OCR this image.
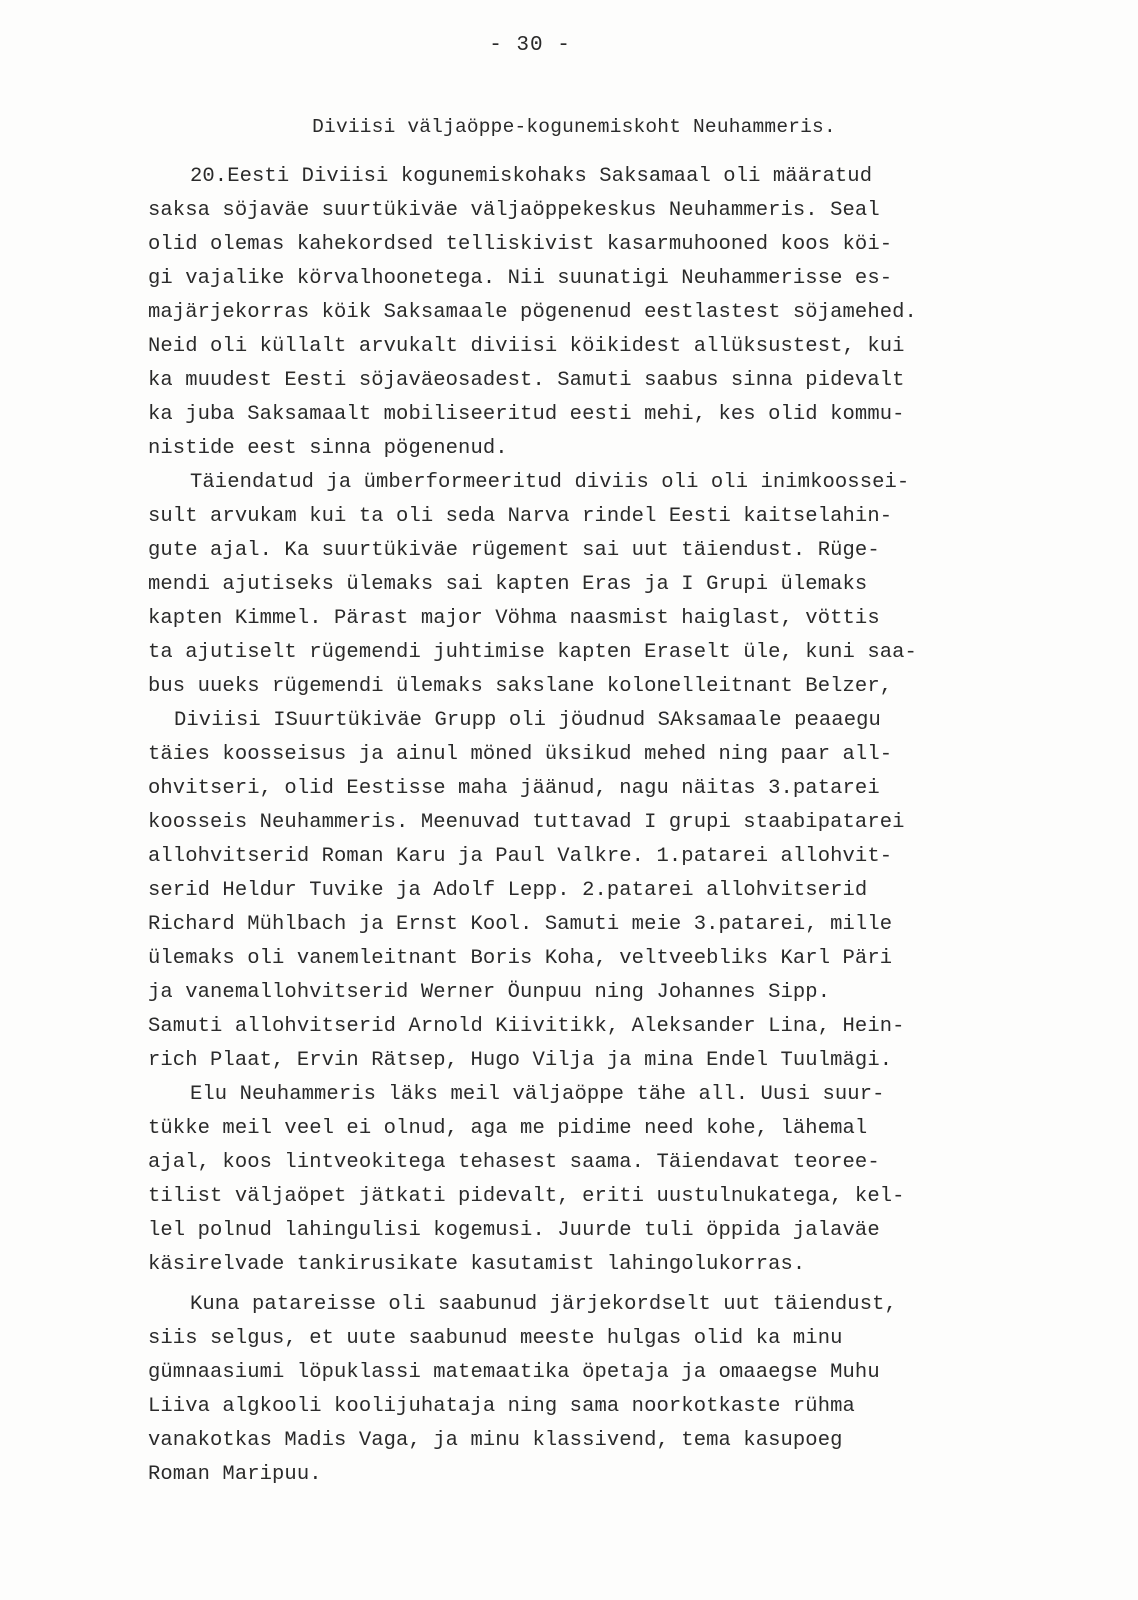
- 30 -
Diviisi väljaöppe-kogunemiskoht Neuhammeris.
20.Eesti Diviisi kogunemiskohaks Saksamaal oli määratud
saksa söjaväe suurtükiväe väljaöppekeskus Neuhammeris. Seal
olid olemas kahekordsed telliskivist kasarmuhooned koos köi-
gi vajalike körvalhoonetega. Nii suunatigi Neuhammerisse es-
majärjekorras köik Saksamaale pögenenud eestlastest söjamehed.
Neid oli küllalt arvukalt diviisi köikidest allüksustest, kui
ka muudest Eesti söjaväeosadest. Samuti saabus sinna pidevalt
ka juba Saksamaalt mobiliseeritud eesti mehi, kes olid kommu-
nistide eest sinna pögenenud.
Täiendatud ja ümberformeeritud diviis oli oli inimkoossei-
sult arvukam kui ta oli seda Narva rindel Eesti kaitselahin-
gute ajal. Ka suurtükiväe rügement sai uut täiendust. Rüge-
mendi ajutiseks ülemaks sai kapten Eras ja I Grupi ülemaks
kapten Kimmel. Pärast major Vöhma naasmist haiglast, vöttis
ta ajutiselt rügemendi juhtimise kapten Eraselt üle, kuni saa-
bus uueks rügemendi ülemaks sakslane kolonelleitnant Belzer,
Diviisi ISuurtükiväe Grupp oli jöudnud SAksamaale peaaegu
täies koosseisus ja ainul möned üksikud mehed ning paar all-
ohvitseri, olid Eestisse maha jäänud, nagu näitas 3.patarei
koosseis Neuhammeris. Meenuvad tuttavad I grupi staabipatarei
allohvitserid Roman Karu ja Paul Valkre. 1.patarei allohvit-
serid Heldur Tuvike ja Adolf Lepp. 2.patarei allohvitserid
Richard Mühlbach ja Ernst Kool. Samuti meie 3.patarei, mille
ülemaks oli vanemleitnant Boris Koha, veltveebliks Karl Päri
ja vanemallohvitserid Werner Öunpuu ning Johannes Sipp.
Samuti allohvitserid Arnold Kiivitikk, Aleksander Lina, Hein-
rich Plaat, Ervin Rätsep, Hugo Vilja ja mina Endel Tuulmägi.
Elu Neuhammeris läks meil väljaöppe tähe all. Uusi suur-
tükke meil veel ei olnud, aga me pidime need kohe, lähemal
ajal, koos lintveokitega tehasest saama. Täiendavat teoree-
tilist väljaöpet jätkati pidevalt, eriti uustulnukatega, kel-
lel polnud lahingulisi kogemusi. Juurde tuli öppida jalaväe
käsirelvade tankirusikate kasutamist lahingolukorras.
Kuna patareisse oli saabunud järjekordselt uut täiendust,
siis selgus, et uute saabunud meeste hulgas olid ka minu
gümnaasiumi löpuklassi matemaatika öpetaja ja omaaegse Muhu
Liiva algkooli koolijuhataja ning sama noorkotkaste rühma
vanakotkas Madis Vaga, ja minu klassivend, tema kasupoeg
Roman Maripuu.
